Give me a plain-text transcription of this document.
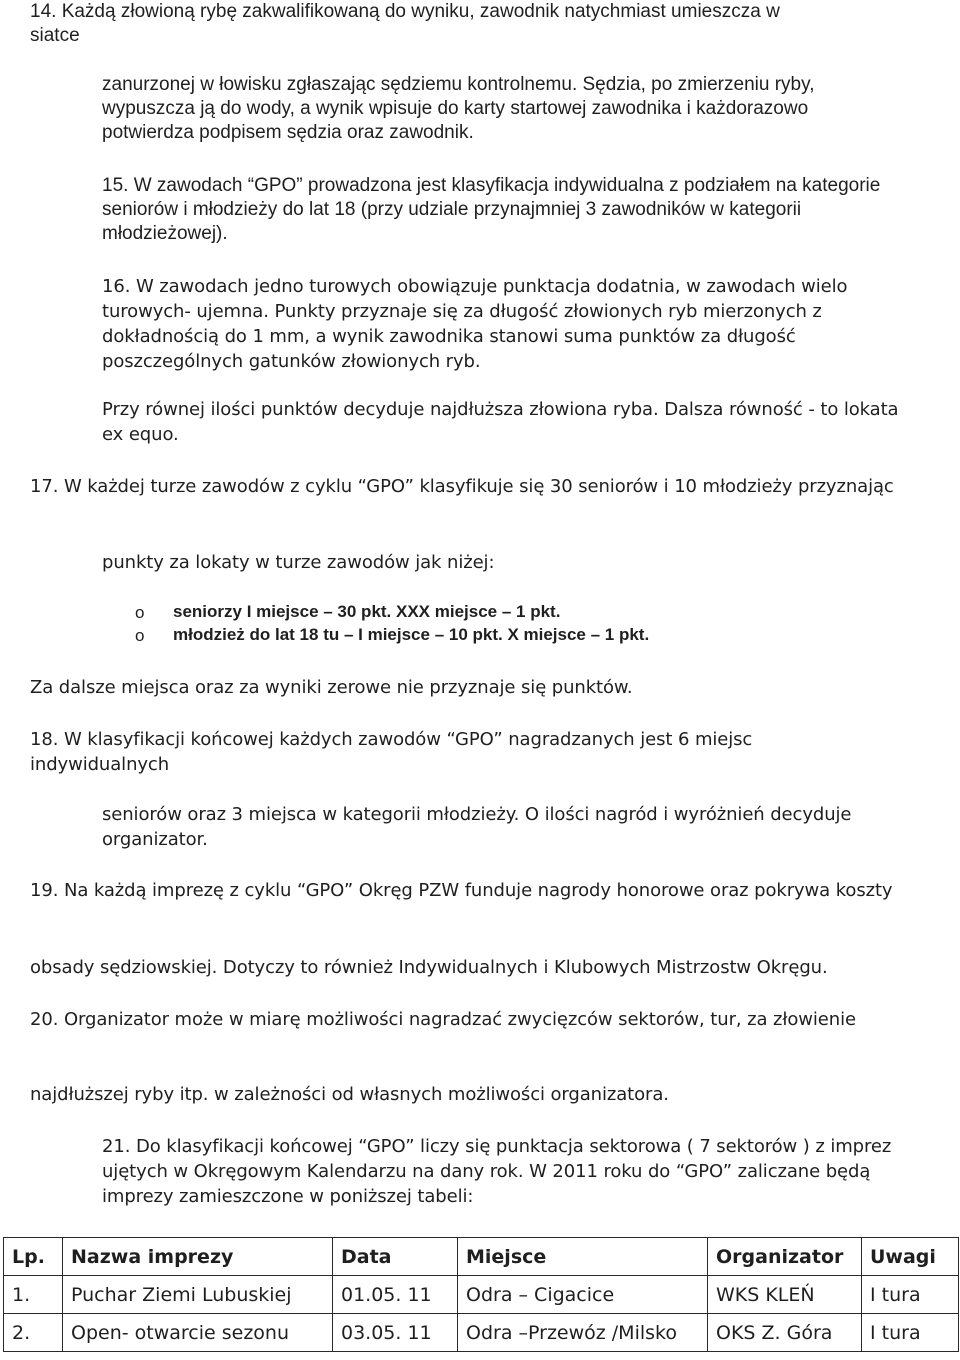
14. Każdą złowioną rybę zakwalifikowaną do wyniku, zawodnik natychmiast umieszcza w
siatce

zanurzonej w łowisku zgłaszając sędziemu kontrolnemu. Sędzia, po zmierzeniu ryby, wypuszcza ją do wody, a wynik wpisuje do karty startowej zawodnika i każdorazowo potwierdza podpisem sędzia oraz zawodnik.

15. W zawodach “GPO” prowadzona jest klasyfikacja indywidualna z podziałem na kategorie seniorów i młodzieży do lat 18 (przy udziale przynajmniej 3 zawodników w kategorii młodzieżowej).

16. W zawodach jedno turowych obowiązuje punktacja dodatnia, w zawodach wielo turowych- ujemna. Punkty przyznaje się za długość złowionych ryb mierzonych z dokładnością do 1 mm, a wynik zawodnika stanowi suma punktów za długość poszczególnych gatunków złowionych ryb.

Przy równej ilości punktów decyduje najdłuższa złowiona ryba. Dalsza równość - to lokata ex equo.

17. W każdej turze zawodów z cyklu “GPO” klasyfikuje się 30 seniorów i 10 młodzieży przyznając

punkty za lokaty w turze zawodów jak niżej:

o seniorzy I miejsce – 30 pkt. XXX miejsce – 1 pkt.
o młodzież do lat 18 tu – I miejsce – 10 pkt. X miejsce – 1 pkt.

Za dalsze miejsca oraz za wyniki zerowe nie przyznaje się punktów.

18. W klasyfikacji końcowej każdych zawodów “GPO” nagradzanych jest 6 miejsc indywidualnych

seniorów oraz 3 miejsca w kategorii młodzieży. O ilości nagród i wyróżnień decyduje organizator.

19. Na każdą imprezę z cyklu “GPO” Okręg PZW funduje nagrody honorowe oraz pokrywa koszty

obsady sędziowskiej. Dotyczy to również Indywidualnych i Klubowych Mistrzostw Okręgu.

20. Organizator może w miarę możliwości nagradzać zwycięzców sektorów, tur, za złowienie

najdłuższej ryby itp. w zależności od własnych możliwości organizatora.

21. Do klasyfikacji końcowej “GPO” liczy się punktacja sektorowa ( 7 sektorów ) z imprez ujętych w Okręgowym Kalendarzu na dany rok. W 2011 roku do “GPO” zaliczane będą imprezy zamieszczone w poniższej tabeli:

Lp.	Nazwa imprezy	Data	Miejsce	Organizator	Uwagi
1.	Puchar Ziemi Lubuskiej	01.05. 11	Odra – Cigacice	WKS KLEŃ	I tura
2.	Open- otwarcie sezonu	03.05. 11	Odra –Przewóz /Milsko	OKS Z. Góra	I tura
